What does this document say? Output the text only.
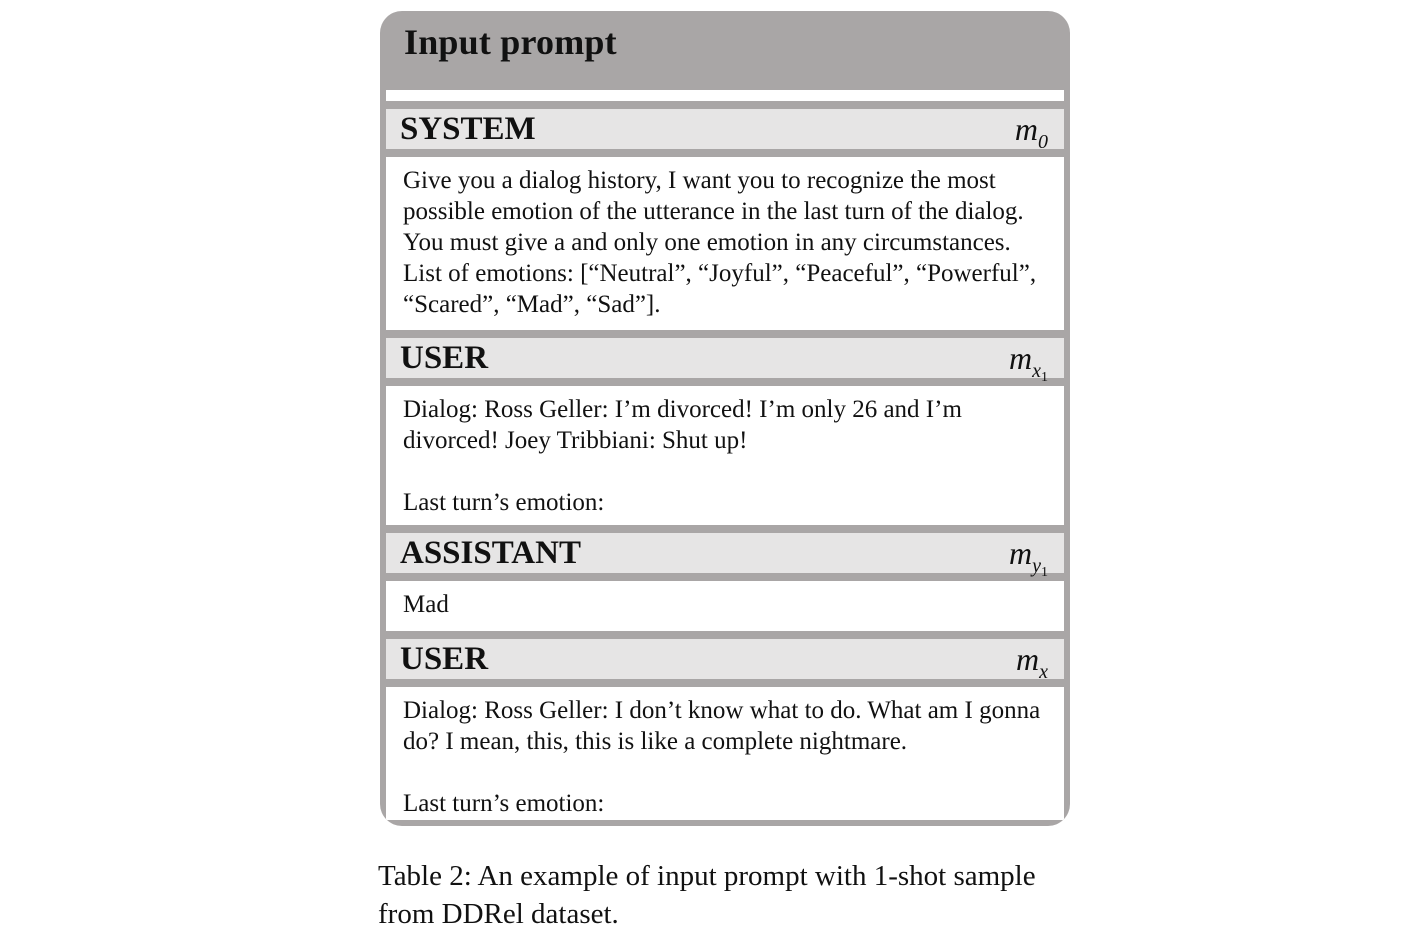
Input prompt
SYSTEM	$m_0$

Give you a dialog history, I want you to recognize the most possible emotion of the utterance in the last turn of the dialog. You must give a and only one emotion in any circumstances. List of emotions: [“Neutral”, “Joyful”, “Peaceful”, “Powerful”, “Scared”, “Mad”, “Sad”].

USER	$m_{x_1}$

Dialog: Ross Geller: I’m divorced! I’m only 26 and I’m divorced! Joey Tribbiani: Shut up!

Last turn’s emotion:

ASSISTANT	$m_{y_1}$

Mad

USER	$m_x$

Dialog: Ross Geller: I don’t know what to do. What am I gonna do? I mean, this, this is like a complete nightmare.

Last turn’s emotion:

Table 2: An example of input prompt with 1-shot sample from DDRel dataset.
